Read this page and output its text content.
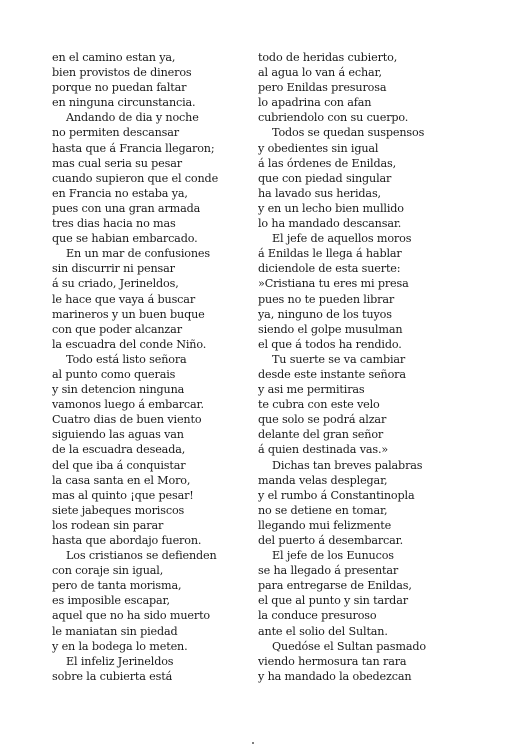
en el camino estan ya,
bien provistos de dineros
porque no puedan faltar
en ninguna circunstancia.
Andando de dia y noche
no permiten descansar
hasta que á Francia llegaron;
mas cual seria su pesar
cuando supieron que el conde
en Francia no estaba ya,
pues con una gran armada
tres dias hacia no mas
que se habian embarcado.
En un mar de confusiones
sin discurrir ni pensar
á su criado, Jerineldos,
le hace que vaya á buscar
marineros y un buen buque
con que poder alcanzar
la escuadra del conde Niño.
Todo está listo señora
al punto como querais
y sin detencion ninguna
vamonos luego á embarcar.
Cuatro dias de buen viento
siguiendo las aguas van
de la escuadra deseada,
del que iba á conquistar
la casa santa en el Moro,
mas al quinto ¡que pesar!
siete jabeques moriscos
los rodean sin parar
hasta que abordajo fueron.
Los cristianos se defienden
con coraje sin igual,
pero de tanta morisma,
es imposible escapar,
aquel que no ha sido muerto
le maniatan sin piedad
y en la bodega lo meten.
El infeliz Jerineldos
sobre la cubierta está
todo de heridas cubierto,
al agua lo van á echar,
pero Enildas presurosa
lo apadrina con afan
cubriendolo con su cuerpo.
Todos se quedan suspensos
y obedientes sin igual
á las órdenes de Enildas,
que con piedad singular
ha lavado sus heridas,
y en un lecho bien mullido
lo ha mandado descansar.
El jefe de aquellos moros
á Enildas le llega á hablar
diciendole de esta suerte:
»Cristiana tu eres mi presa
pues no te pueden librar
ya, ninguno de los tuyos
siendo el golpe musulman
el que á todos ha rendido.
Tu suerte se va cambiar
desde este instante señora
y asi me permitiras
te cubra con este velo
que solo se podrá alzar
delante del gran señor
á quien destinada vas.»
Dichas tan breves palabras
manda velas desplegar,
y el rumbo á Constantinopla
no se detiene en tomar,
llegando mui felizmente
del puerto á desembarcar.
El jefe de los Eunucos
se ha llegado á presentar
para entregarse de Enildas,
el que al punto y sin tardar
la conduce presuroso
ante el solio del Sultan.
Quedóse el Sultan pasmado
viendo hermosura tan rara
y ha mandado la obedezcan
